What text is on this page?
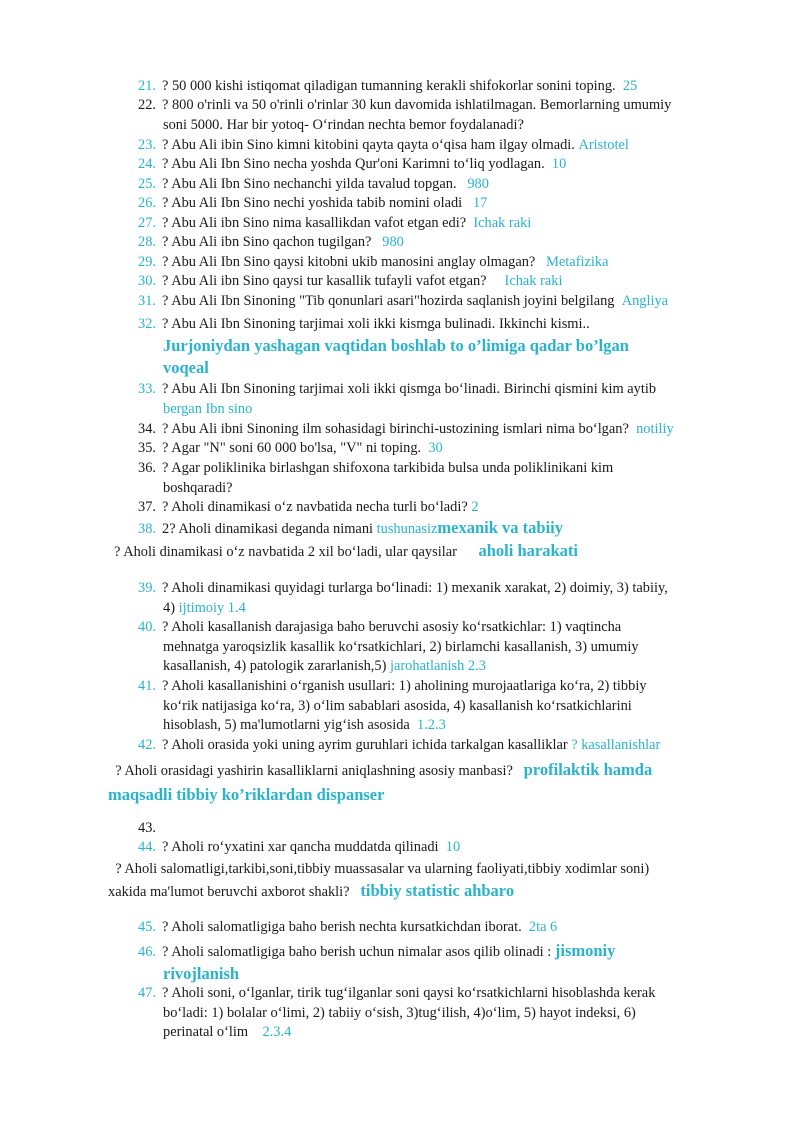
21. ? 50 000 kishi istiqomat qiladigan tumanning kerakli shifokorlar sonini toping. 25
22. ? 800 o'rinli va 50 o'rinli o'rinlar 30 kun davomida ishlatilmagan. Bemorlarning umumiy
soni 5000. Har bir yotoq- O‘rindan nechta bemor foydalanadi?
23. ? Abu Ali ibin Sino kimni kitobini qayta qayta o‘qisa ham ilgay olmadi. Aristotel
24. ? Abu Ali Ibn Sino necha yoshda Qur'oni Karimni to‘liq yodlagan. 10
25. ? Abu Ali Ibn Sino nechanchi yilda tavalud topgan. 980
26. ? Abu Ali Ibn Sino nechi yoshida tabib nomini oladi 17
27. ? Abu Ali ibn Sino nima kasallikdan vafot etgan edi? Ichak raki
28. ? Abu Ali ibn Sino qachon tugilgan? 980
29. ? Abu Ali Ibn Sino qaysi kitobni ukib manosini anglay olmagan? Metafizika
30. ? Abu Ali ibn Sino qaysi tur kasallik tufayli vafot etgan? Ichak raki
31. ? Abu Ali Ibn Sinoning "Tib qonunlari asari"hozirda saqlanish joyini belgilang Angliya
32. ? Abu Ali Ibn Sinoning tarjimai xoli ikki kismga bulinadi. Ikkinchi kismi..
Jurjoniydan yashagan vaqtidan boshlab to o’limiga qadar bo’lgan
voqeal
33. ? Abu Ali Ibn Sinoning tarjimai xoli ikki qismga bo‘linadi. Birinchi qismini kim aytib
bergan Ibn sino
34. ? Abu Ali ibni Sinoning ilm sohasidagi birinchi-ustozining ismlari nima bo‘lgan? notiliy
35. ? Agar "N" soni 60 000 bo'lsa, "V" ni toping. 30
36. ? Agar poliklinika birlashgan shifoxona tarkibida bulsa unda poliklinikani kim
boshqaradi?
37. ? Aholi dinamikasi o‘z navbatida necha turli bo‘ladi? 2
38. 2? Aholi dinamikasi deganda nimani tushunasizmexanik va tabiiy
? Aholi dinamikasi o‘z navbatida 2 xil bo‘ladi, ular qaysilar aholi harakati
39. ? Aholi dinamikasi quyidagi turlarga bo‘linadi: 1) mexanik xarakat, 2) doimiy, 3) tabiiy,
4) ijtimoiy 1.4
40. ? Aholi kasallanish darajasiga baho beruvchi asosiy ko‘rsatkichlar: 1) vaqtincha
mehnatga yaroqsizlik kasallik ko‘rsatkichlari, 2) birlamchi kasallanish, 3) umumiy
kasallanish, 4) patologik zararlanish,5) jarohatlanish 2.3
41. ? Aholi kasallanishini o‘rganish usullari: 1) aholining murojaatlariga ko‘ra, 2) tibbiy
ko‘rik natijasiga ko‘ra, 3) o‘lim sabablari asosida, 4) kasallanish ko‘rsatkichlarini
hisoblash, 5) ma'lumotlarni yig‘ish asosida 1.2.3
42. ? Aholi orasida yoki uning ayrim guruhlari ichida tarkalgan kasalliklar ? kasallanishlar
? Aholi orasidagi yashirin kasalliklarni aniqlashning asosiy manbasi? profilaktik hamda
maqsadli tibbiy ko’riklardan dispanser
43.
44. ? Aholi ro‘yxatini xar qancha muddatda qilinadi 10
? Aholi salomatligi,tarkibi,soni,tibbiy muassasalar va ularning faoliyati,tibbiy xodimlar soni)
xakida ma'lumot beruvchi axborot shakli? tibbiy statistic ahbaro
45. ? Aholi salomatligiga baho berish nechta kursatkichdan iborat. 2ta 6
46. ? Aholi salomatligiga baho berish uchun nimalar asos qilib olinadi : jismoniy
rivojlanish
47. ? Aholi soni, o‘lganlar, tirik tug‘ilganlar soni qaysi ko‘rsatkichlarni hisoblashda kerak
bo‘ladi: 1) bolalar o‘limi, 2) tabiiy o‘sish, 3)tug‘ilish, 4)o‘lim, 5) hayot indeksi, 6)
perinatal o‘lim 2.3.4
